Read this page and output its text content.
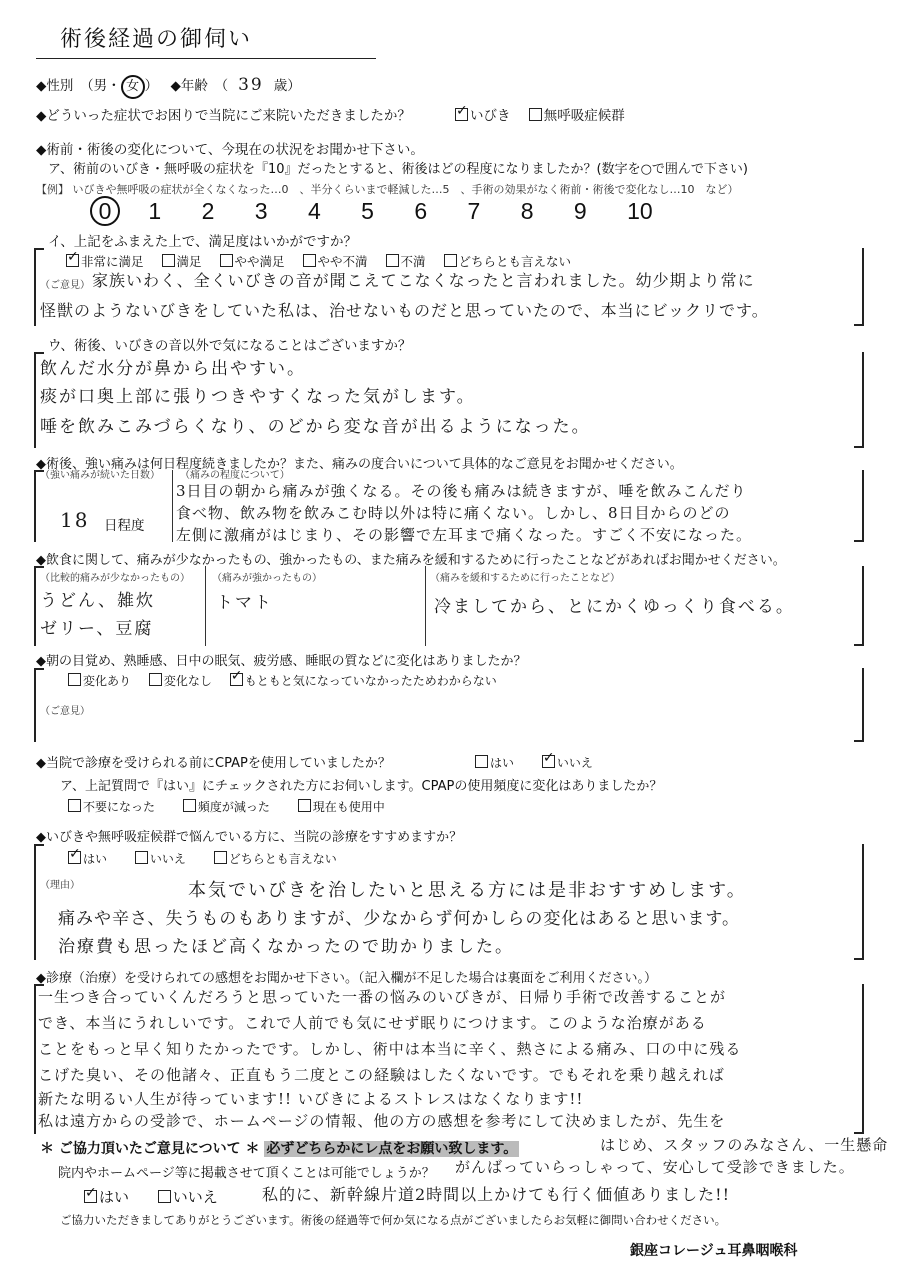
術後経過の御伺い
◆性別　（男・ 女 ） ◆年齢　（ 39 歳）
◆どういった症状でお困りで当院にご来院いただきましたか？ ✓	いびき 無呼吸症候群
◆術前・術後の変化について、今現在の状況をお聞かせ下さい。
ア、術前のいびき・無呼吸の症状を『10』だったとすると、術後はどの程度になりましたか？(数字を○で囲んで下さい)
【例】 いびきや無呼吸の症状が全くなくなった…0　、半分くらいまで軽減した…5　、手術の効果がなく術前・術後で変化なし…10　など）
0 1 2 3 4 5 6 7 8 9 10
イ、上記をふまえた上で、満足度はいかがですか？
✓非常に満足	満足	やや満足	やや不満	不満	どちらとも言えない
（ご意見） 家族いわく、全くいびきの音が聞こえてこなくなったと言われました。幼少期より常に
怪獣のようないびきをしていた私は、治せないものだと思っていたので、本当にビックリです。
ウ、術後、いびきの音以外で気になることはございますか？
飲んだ水分が鼻から出やすい。
痰が口奥上部に張りつきやすくなった気がします。
唾を飲みこみづらくなり、のどから変な音が出るようになった。
◆術後、強い痛みは何日程度続きましたか？また、痛みの度合いについて具体的なご意見をお聞かせください。
（強い痛みが続いた日数）
18 日程度
（痛みの程度について）
3日目の朝から痛みが強くなる。その後も痛みは続きますが、唾を飲みこんだり
食べ物、飲み物を飲みこむ時以外は特に痛くない。しかし、8日目からのどの
左側に激痛がはじまり、その影響で左耳まで痛くなった。すごく不安になった。
◆飲食に関して、痛みが少なかったもの、強かったもの、また痛みを緩和するために行ったことなどがあればお聞かせください。
（比較的痛みが少なかったもの）
うどん、雑炊
ゼリー、豆腐
（痛みが強かったもの）
トマト
（痛みを緩和するために行ったことなど）
冷ましてから、とにかくゆっくり食べる。
◆朝の目覚め、熟睡感、日中の眠気、疲労感、睡眠の質などに変化はありましたか？
変化あり	変化なし ✓	もともと気になっていなかったためわからない
（ご意見）
◆当院で診療を受けられる前にCPAPを使用していましたか？	はい ✓	いいえ
ア、上記質問で『はい』にチェックされた方にお伺いします。CPAPの使用頻度に変化はありましたか？
不要になった	頻度が減った	現在も使用中
◆いびきや無呼吸症候群で悩んでいる方に、当院の診療をすすめますか？
✓はい	いいえ	どちらとも言えない
（理由）	本気でいびきを治したいと思える方には是非おすすめします。
痛みや辛さ、失うものもありますが、少なからず何かしらの変化はあると思います。
治療費も思ったほど高くなかったので助かりました。
◆診療（治療）を受けられての感想をお聞かせ下さい。（記入欄が不足した場合は裏面をご利用ください。）
一生つき合っていくんだろうと思っていた一番の悩みのいびきが、日帰り手術で改善することが
でき、本当にうれしいです。これで人前でも気にせず眠りにつけます。このような治療がある
ことをもっと早く知りたかったです。しかし、術中は本当に辛く、熱さによる痛み、口の中に残る
こげた臭い、その他諸々、正直もう二度とこの経験はしたくないです。でもそれを乗り越えれば
新たな明るい人生が待っています!! いびきによるストレスはなくなります!!
私は遠方からの受診で、ホームページの情報、他の方の感想を参考にして決めましたが、先生を
＊ ご協力頂いたご意見について ＊ 必ずどちらかにレ点をお願い致します。	はじめ、スタッフのみなさん、一生懸命
院内やホームページ等に掲載させて頂くことは可能でしょうか？ がんばっていらっしゃって、安心して受診できました。
✓はい	いいえ	私的に、新幹線片道2時間以上かけても行く価値ありました!!
ご協力いただきましてありがとうございます。術後の経過等で何か気になる点がございましたらお気軽に御問い合わせください。
銀座コレージュ耳鼻咽喉科
